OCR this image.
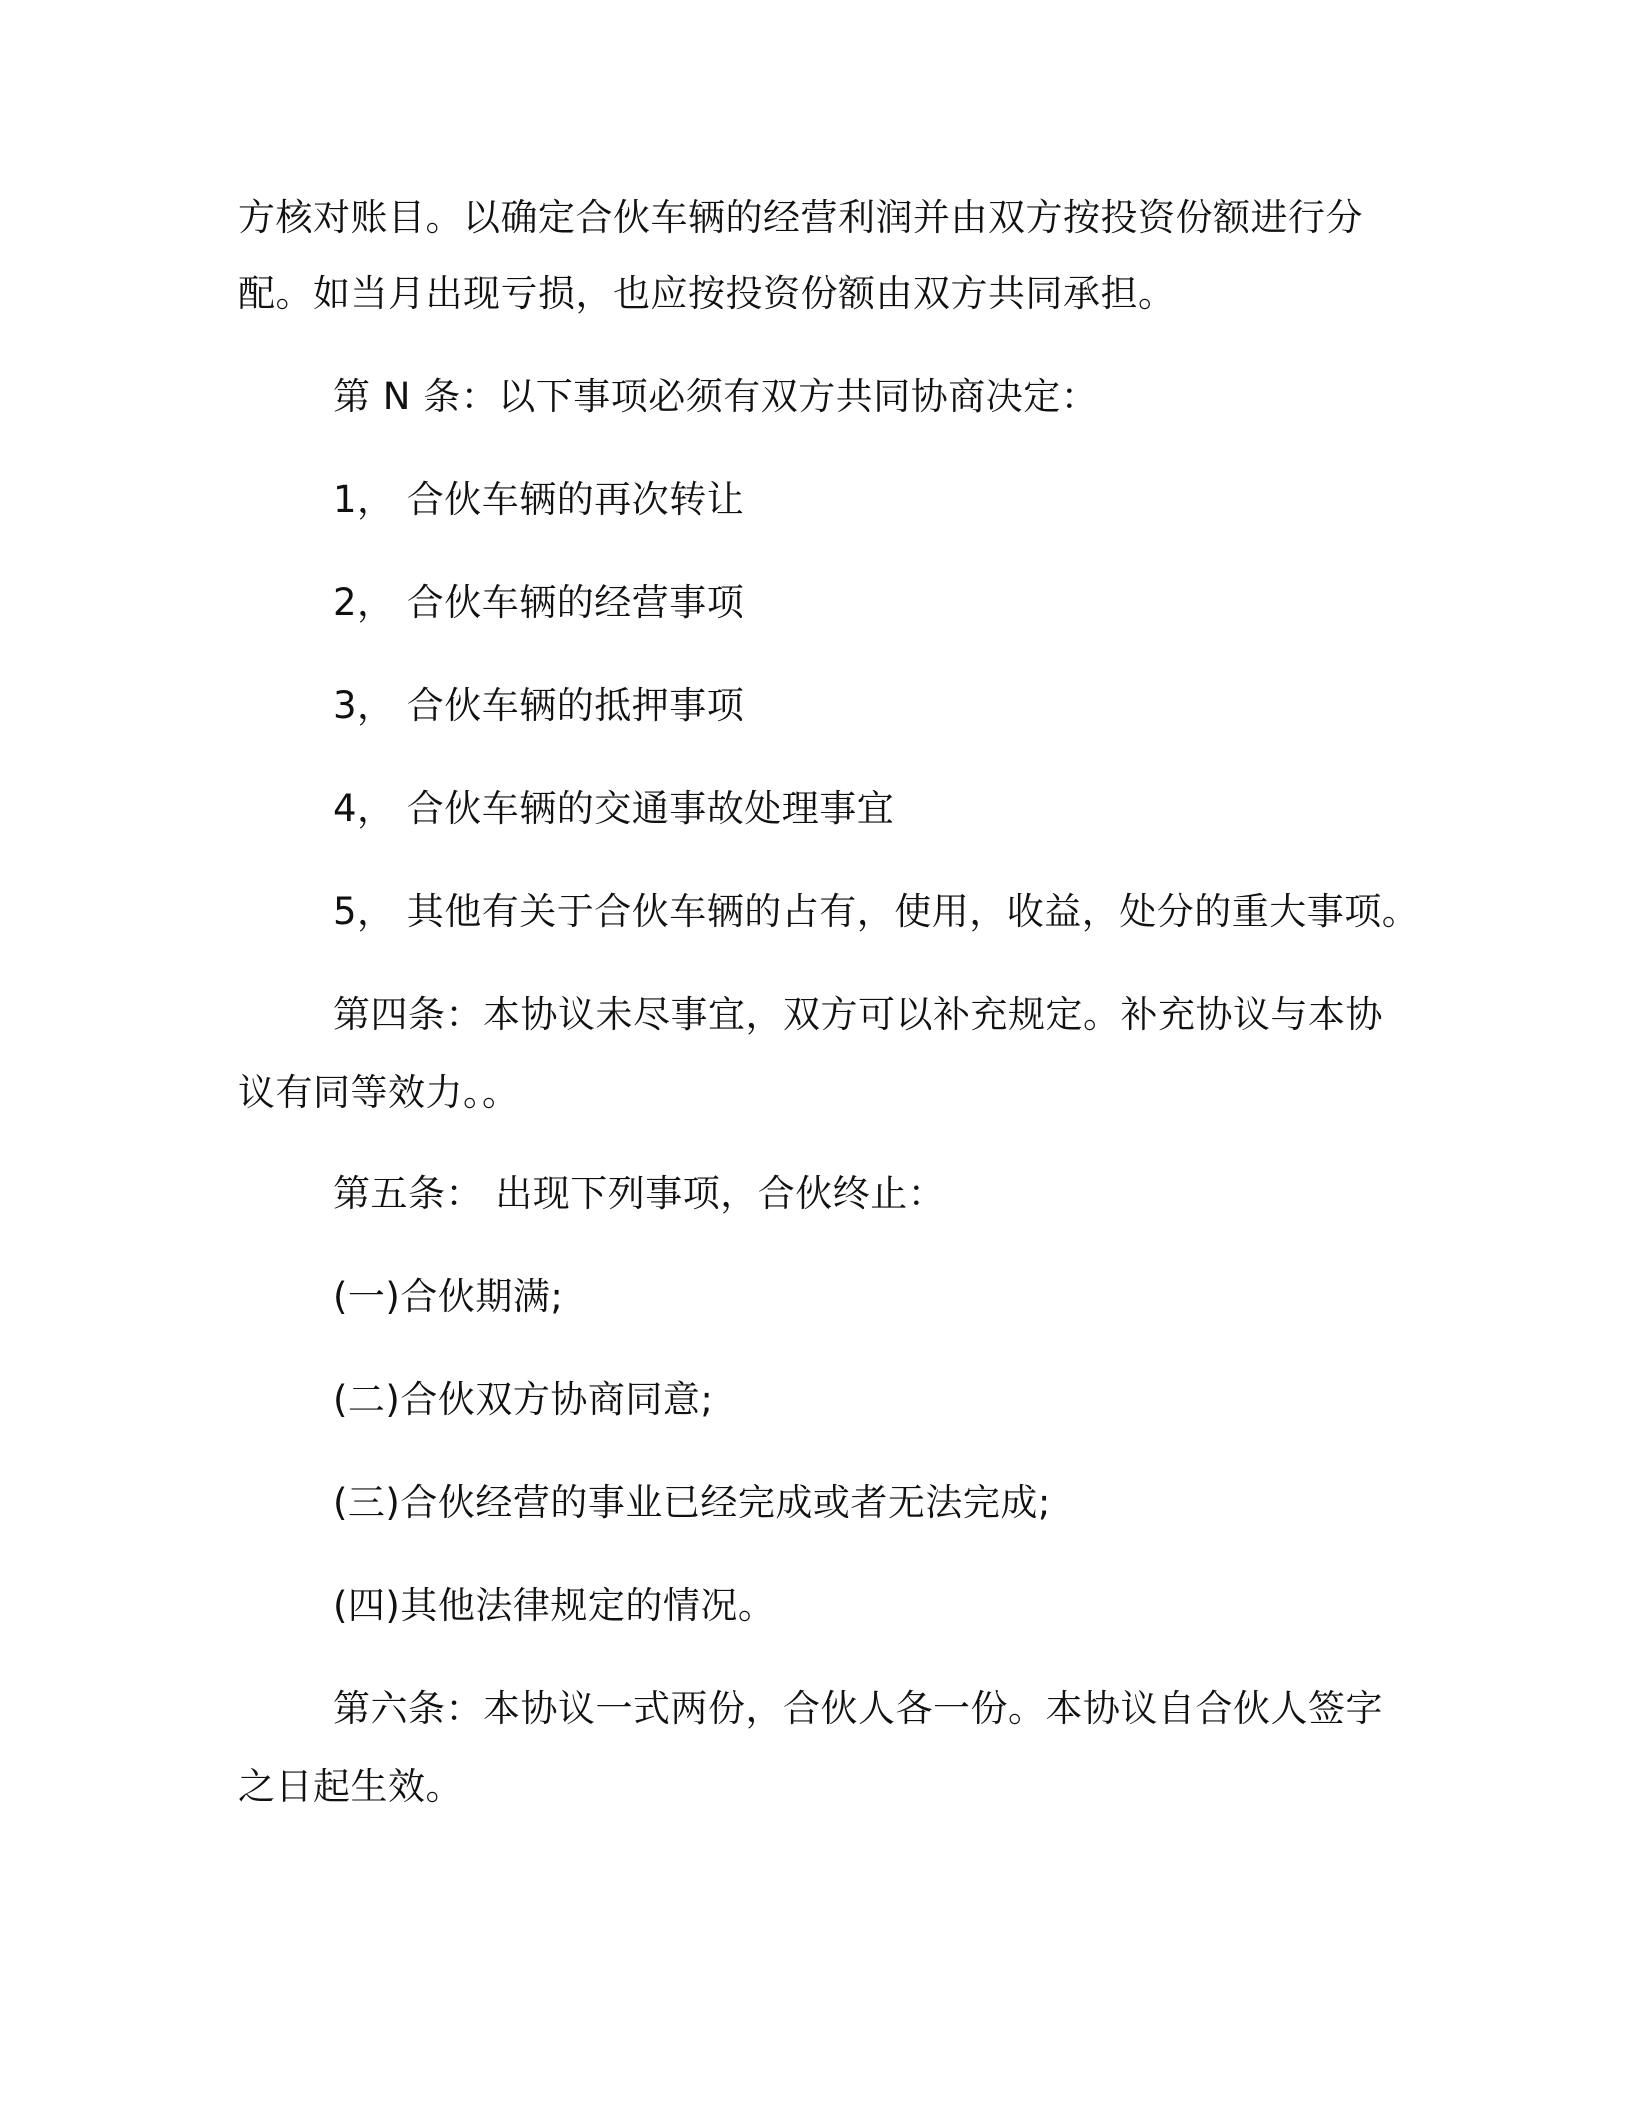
方核对账目。以确定合伙车辆的经营利润并由双方按投资份额进行分
配。如当月出现亏损，也应按投资份额由双方共同承担。
第 N 条：以下事项必须有双方共同协商决定：
1， 合伙车辆的再次转让
2， 合伙车辆的经营事项
3， 合伙车辆的抵押事项
4， 合伙车辆的交通事故处理事宜
5， 其他有关于合伙车辆的占有，使用，收益，处分的重大事项。
第四条：本协议未尽事宜，双方可以补充规定。补充协议与本协
议有同等效力。。
第五条： 出现下列事项，合伙终止：
(一)合伙期满;
(二)合伙双方协商同意;
(三)合伙经营的事业已经完成或者无法完成;
(四)其他法律规定的情况。
第六条：本协议一式两份，合伙人各一份。本协议自合伙人签字
之日起生效。
